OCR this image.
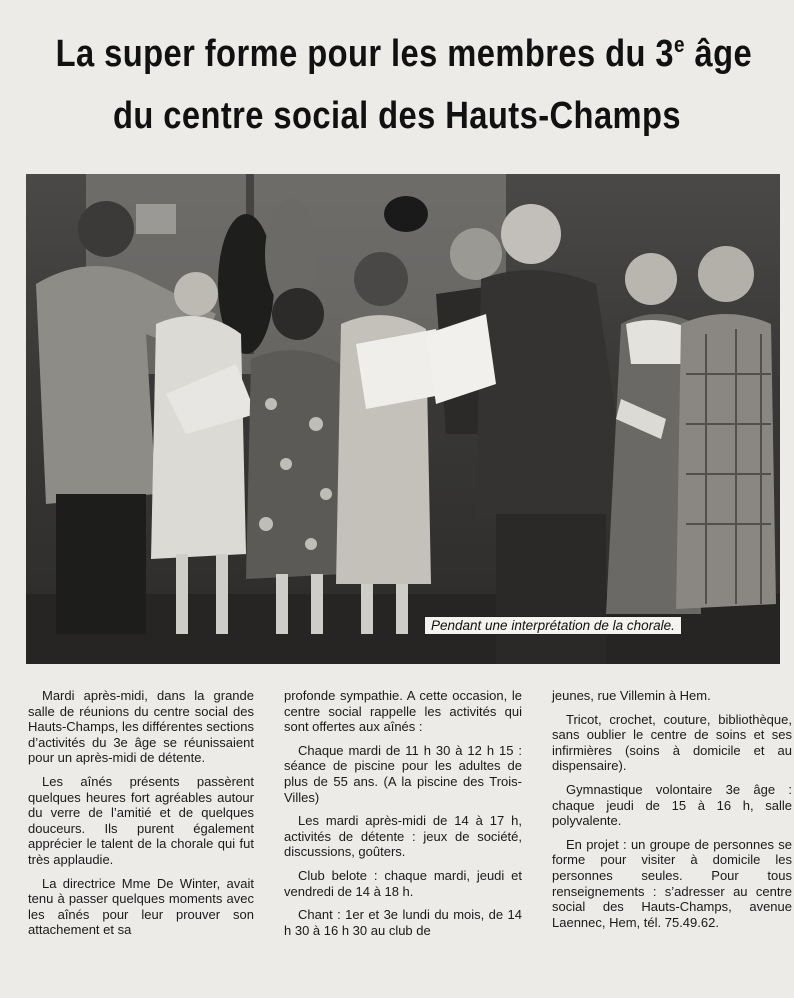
La super forme pour les membres du 3e âge
du centre social des Hauts-Champs
Pendant une interprétation de la chorale.

Mardi après-midi, dans la grande salle de réunions du centre social des Hauts-Champs, les différentes sections d’activités du 3e âge se réunissaient pour un après-midi de détente.

Les aînés présents passèrent quelques heures fort agréables autour du verre de l’amitié et de quelques douceurs. Ils purent également apprécier le talent de la chorale qui fut très applaudie.

La directrice Mme De Winter, avait tenu à passer quelques moments avec les aînés pour leur prouver son attachement et sa

profonde sympathie. A cette occasion, le centre social rappelle les activités qui sont offertes aux aînés :

Chaque mardi de 11 h 30 à 12 h 15 : séance de piscine pour les adultes de plus de 55 ans. (A la piscine des Trois-Villes)

Les mardi après-midi de 14 à 17 h, activités de détente : jeux de société, discussions, goûters.

Club belote : chaque mardi, jeudi et vendredi de 14 à 18 h.

Chant : 1er et 3e lundi du mois, de 14 h 30 à 16 h 30 au club de

jeunes, rue Villemin à Hem.

Tricot, crochet, couture, bibliothèque, sans oublier le centre de soins et ses infirmières (soins à domicile et au dispensaire).

Gymnastique volontaire 3e âge : chaque jeudi de 15 à 16 h, salle polyvalente.

En projet : un groupe de personnes se forme pour visiter à domicile les personnes seules. Pour tous renseignements : s’adresser au centre social des Hauts-Champs, avenue Laennec, Hem, tél. 75.49.62.
